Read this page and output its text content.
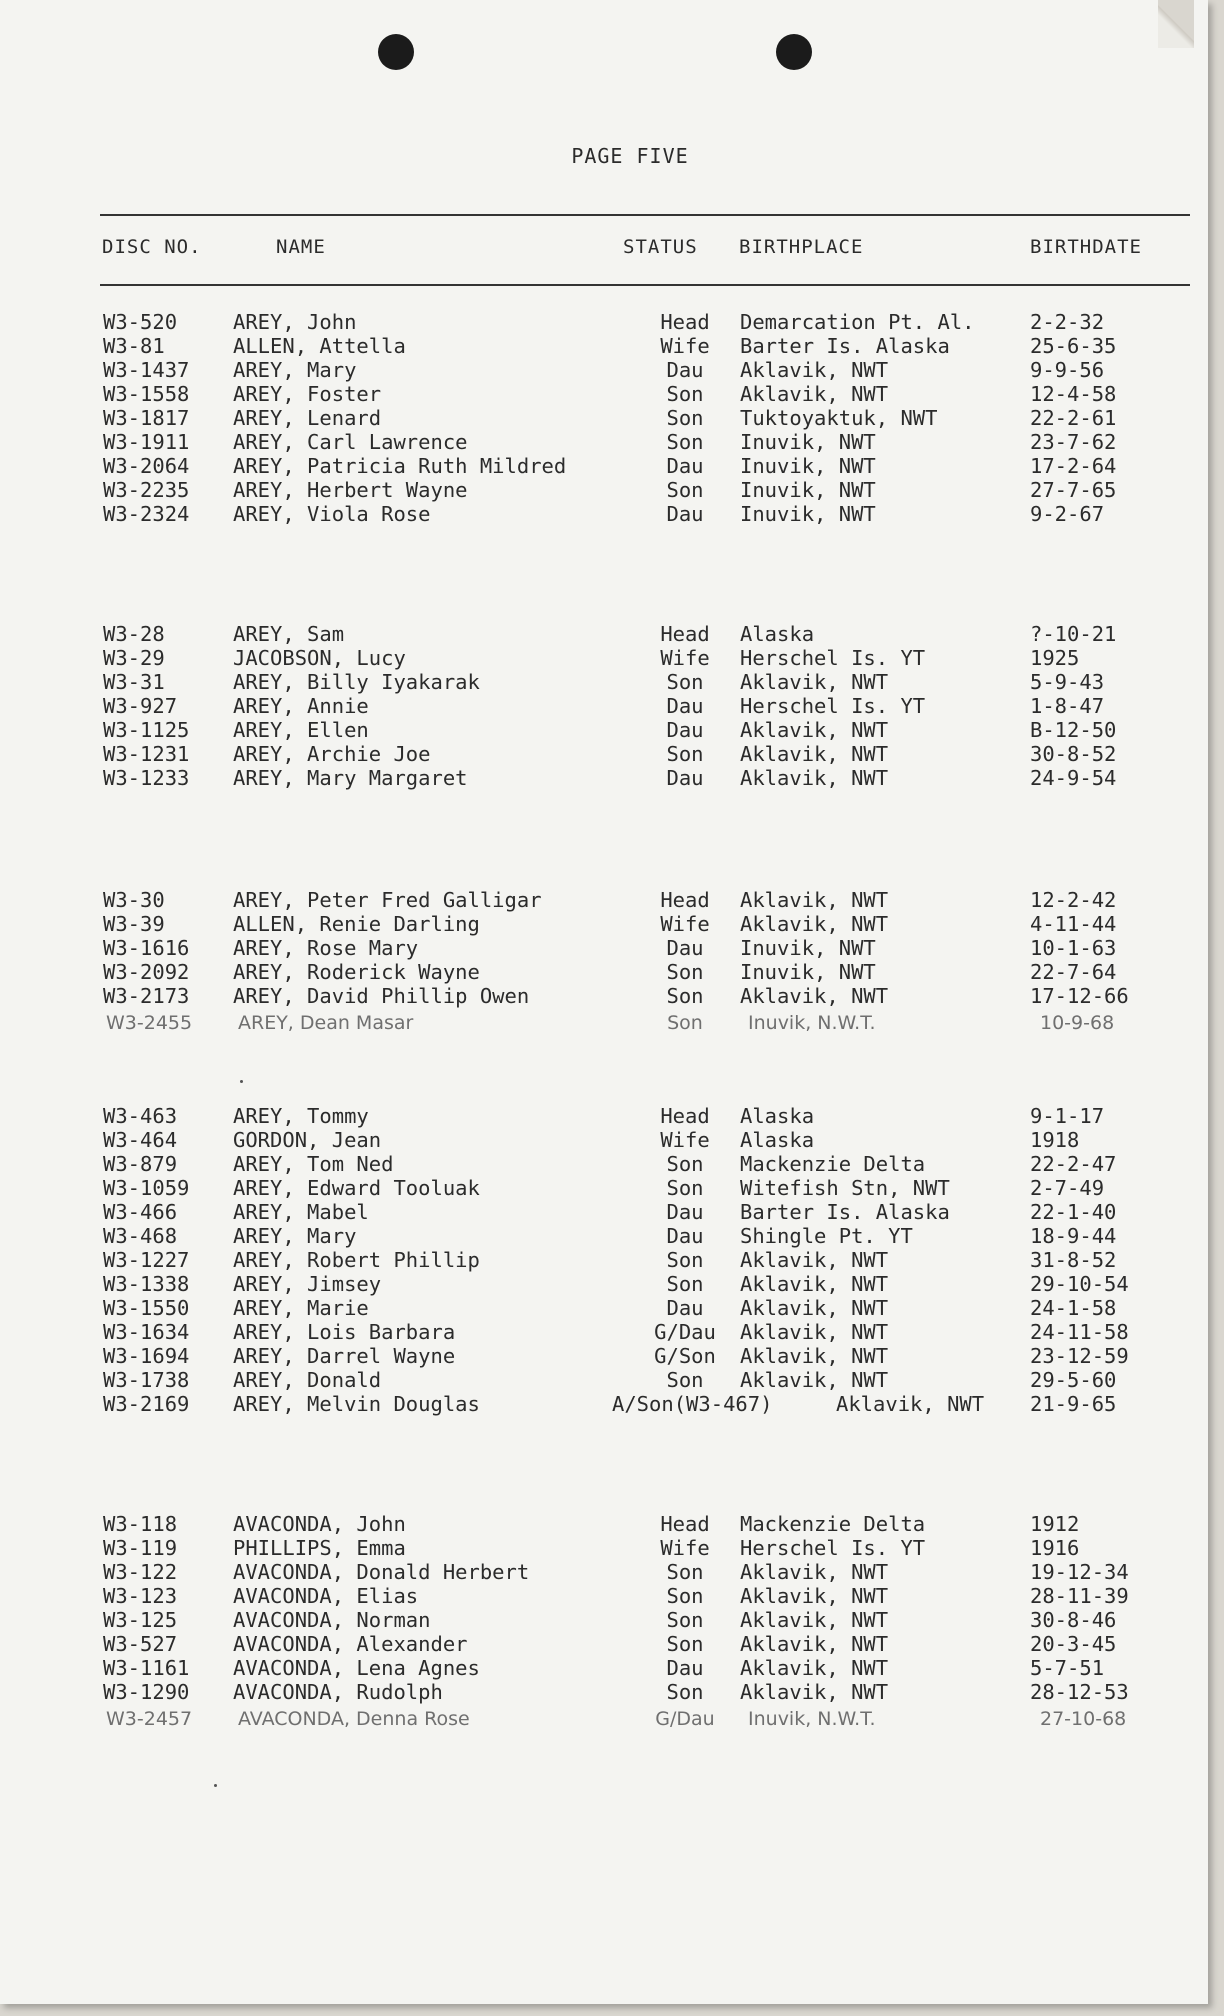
PAGE FIVE
DISC NO.	NAME	STATUS BIRTHPLACE	BIRTHDATE
W3-520	AREY, John	Head	Demarcation Pt. Al.	2-2-32
W3-81	ALLEN, Attella	Wife	Barter Is. Alaska	25-6-35
W3-1437 AREY, Mary	Dau	Aklavik, NWT	9-9-56
W3-1558 AREY, Foster	Son	Aklavik, NWT	12-4-58
W3-1817 AREY, Lenard	Son	Tuktoyaktuk, NWT	22-2-61
W3-1911 AREY, Carl Lawrence	Son	Inuvik, NWT	23-7-62
W3-2064 AREY, Patricia Ruth Mildred	Dau	Inuvik, NWT	17-2-64
W3-2235 AREY, Herbert Wayne	Son	Inuvik, NWT	27-7-65
W3-2324 AREY, Viola Rose	Dau	Inuvik, NWT	9-2-67
W3-28	AREY, Sam	Head	Alaska	?-10-21
W3-29	JACOBSON, Lucy	Wife	Herschel Is. YT	1925
W3-31	AREY, Billy Iyakarak	Son	Aklavik, NWT	5-9-43
W3-927	AREY, Annie	Dau	Herschel Is. YT	1-8-47
W3-1125 AREY, Ellen	Dau	Aklavik, NWT	B-12-50
W3-1231 AREY, Archie Joe	Son	Aklavik, NWT	30-8-52
W3-1233 AREY, Mary Margaret	Dau	Aklavik, NWT	24-9-54
W3-30	AREY, Peter Fred Galligar	Head	Aklavik, NWT	12-2-42
W3-39	ALLEN, Renie Darling	Wife	Aklavik, NWT	4-11-44
W3-1616 AREY, Rose Mary	Dau	Inuvik, NWT	10-1-63
W3-2092 AREY, Roderick Wayne	Son	Inuvik, NWT	22-7-64
W3-2173 AREY, David Phillip Owen	Son	Aklavik, NWT	17-12-66
W3-2455 AREY, Dean Masar	Son	Inuvik, N.W.T.	10-9-68
W3-463	AREY, Tommy	Head	Alaska	9-1-17
W3-464	GORDON, Jean	Wife	Alaska	1918
W3-879	AREY, Tom Ned	Son	Mackenzie Delta	22-2-47
W3-1059 AREY, Edward Tooluak	Son	Witefish Stn, NWT	2-7-49
W3-466	AREY, Mabel	Dau	Barter Is. Alaska	22-1-40
W3-468	AREY, Mary	Dau	Shingle Pt. YT	18-9-44
W3-1227 AREY, Robert Phillip	Son	Aklavik, NWT	31-8-52
W3-1338 AREY, Jimsey	Son	Aklavik, NWT	29-10-54
W3-1550 AREY, Marie	Dau	Aklavik, NWT	24-1-58
W3-1634 AREY, Lois Barbara	G/Dau	Aklavik, NWT	24-11-58
W3-1694 AREY, Darrel Wayne	G/Son	Aklavik, NWT	23-12-59
W3-1738 AREY, Donald	Son	Aklavik, NWT	29-5-60
W3-2169 AREY, Melvin Douglas	A/Son(W3-467)	Aklavik, NWT 21-9-65
W3-118	AVACONDA, John	Head	Mackenzie Delta	1912
W3-119	PHILLIPS, Emma	Wife	Herschel Is. YT	1916
W3-122	AVACONDA, Donald Herbert	Son	Aklavik, NWT	19-12-34
W3-123	AVACONDA, Elias	Son	Aklavik, NWT	28-11-39
W3-125	AVACONDA, Norman	Son	Aklavik, NWT	30-8-46
W3-527	AVACONDA, Alexander	Son	Aklavik, NWT	20-3-45
W3-1161 AVACONDA, Lena Agnes	Dau	Aklavik, NWT	5-7-51
W3-1290 AVACONDA, Rudolph	Son	Aklavik, NWT	28-12-53
W3-2457 AVACONDA, Denna Rose	G/Dau	Inuvik, N.W.T.	27-10-68
